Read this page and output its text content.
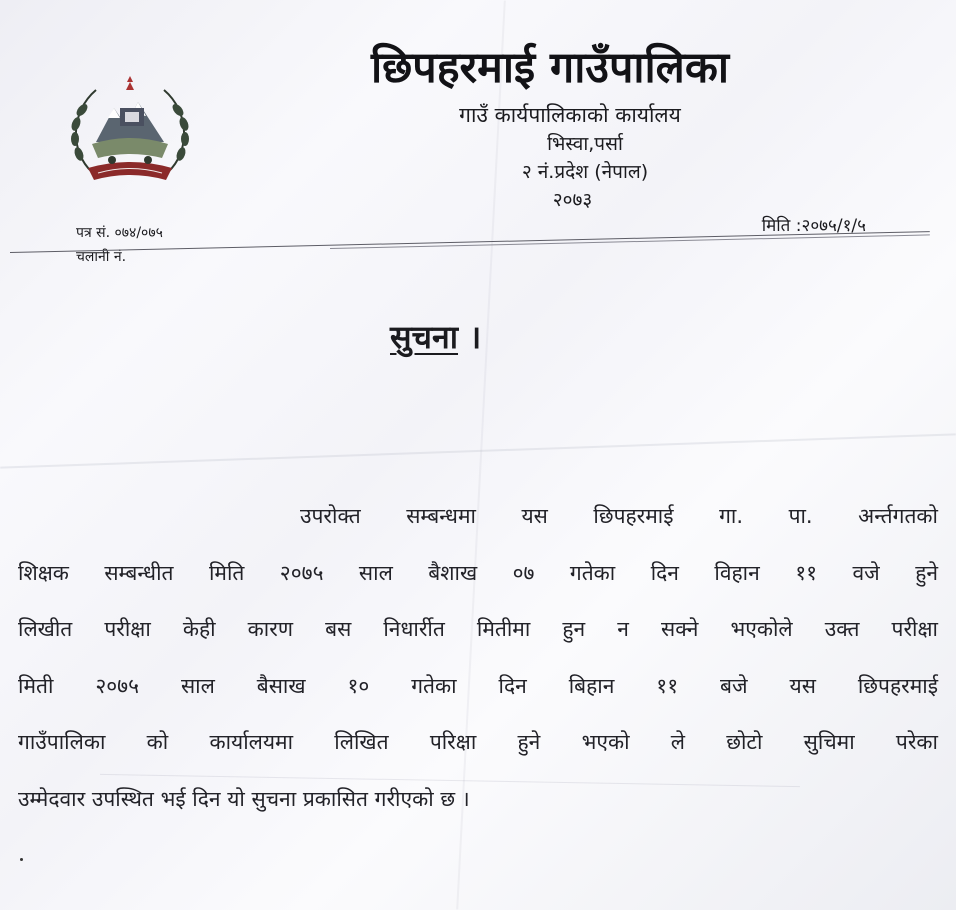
छिपहरमाई गाउँपालिका

गाउँ कार्यपालिकाको कार्यालय

भिस्वा,पर्सा

२ नं.प्रदेश (नेपाल)

२०७३

पत्र सं. ०७४/०७५
चलानी नं.
मिति :२०७५/१/५
सुचना ।
उपरोक्त सम्बन्धमा यस छिपहरमाई गा. पा. अर्न्तगतको
शिक्षक सम्बन्धीत मिति २०७५ साल बैशाख ०७ गतेका दिन विहान ११ वजे हुने
लिखीत परीक्षा केही कारण बस निधार्रीत मितीमा हुन न सक्ने भएकोले उक्त परीक्षा
मिती २०७५ साल बैसाख १० गतेका दिन बिहान ११ बजे यस छिपहरमाई
गाउँपालिका को कार्यालयमा लिखित परिक्षा हुने भएको ले छोटो सुचिमा परेका
उम्मेदवार उपस्थित भई दिन यो सुचना प्रकासित गरीएको छ ।
